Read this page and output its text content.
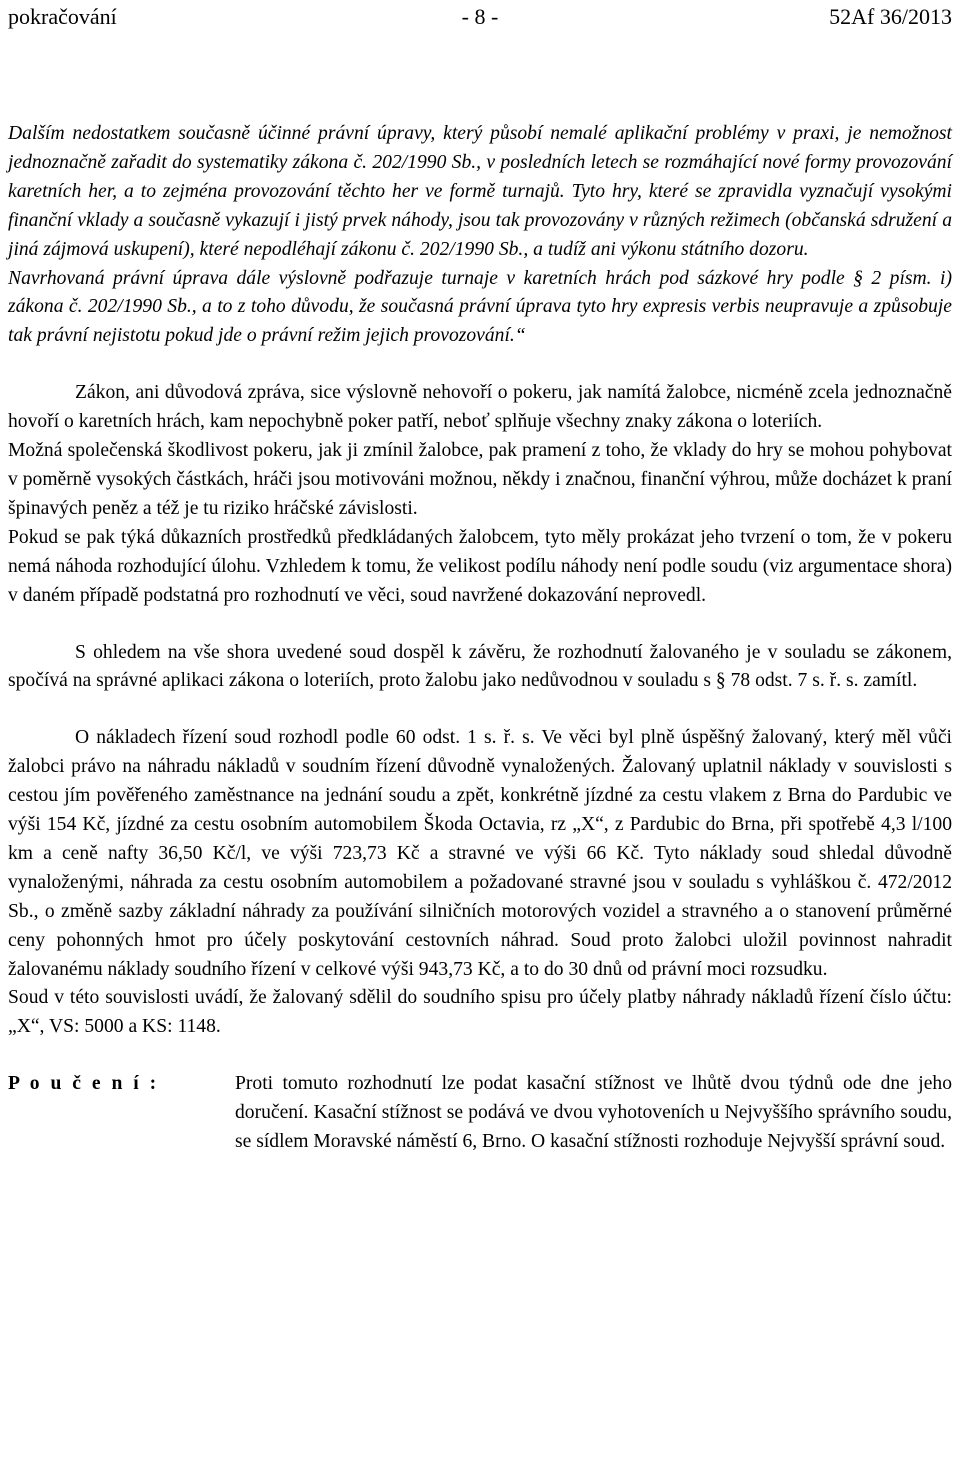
pokračování	- 8 -	52Af 36/2013

Dalším nedostatkem současně účinné právní úpravy, který působí nemalé aplikační problémy v praxi, je nemožnost jednoznačně zařadit do systematiky zákona č. 202/1990 Sb., v posledních letech se rozmáhající nové formy provozování karetních her, a to zejména provozování těchto her ve formě turnajů. Tyto hry, které se zpravidla vyznačují vysokými finanční vklady a současně vykazují i jistý prvek náhody, jsou tak provozovány v různých režimech (občanská sdružení a jiná zájmová uskupení), které nepodléhají zákonu č. 202/1990 Sb., a tudíž ani výkonu státního dozoru.

Navrhovaná právní úprava dále výslovně podřazuje turnaje v karetních hrách pod sázkové hry podle § 2 písm. i) zákona č. 202/1990 Sb., a to z toho důvodu, že současná právní úprava tyto hry expresis verbis neupravuje a způsobuje tak právní nejistotu pokud jde o právní režim jejich provozování.“

Zákon, ani důvodová zpráva, sice výslovně nehovoří o pokeru, jak namítá žalobce, nicméně zcela jednoznačně hovoří o karetních hrách, kam nepochybně poker patří, neboť splňuje všechny znaky zákona o loteriích.

Možná společenská škodlivost pokeru, jak ji zmínil žalobce, pak pramení z toho, že vklady do hry se mohou pohybovat v poměrně vysokých částkách, hráči jsou motivováni možnou, někdy i značnou, finanční výhrou, může docházet k praní špinavých peněz a též je tu riziko hráčské závislosti.

Pokud se pak týká důkazních prostředků předkládaných žalobcem, tyto měly prokázat jeho tvrzení o tom, že v pokeru nemá náhoda rozhodující úlohu. Vzhledem k tomu, že velikost podílu náhody není podle soudu (viz argumentace shora) v daném případě podstatná pro rozhodnutí ve věci, soud navržené dokazování neprovedl.

S ohledem na vše shora uvedené soud dospěl k závěru, že rozhodnutí žalovaného je v souladu se zákonem, spočívá na správné aplikaci zákona o loteriích, proto žalobu jako nedůvodnou v souladu s § 78 odst. 7 s. ř. s. zamítl.

O nákladech řízení soud rozhodl podle 60 odst. 1 s. ř. s. Ve věci byl plně úspěšný žalovaný, který měl vůči žalobci právo na náhradu nákladů v soudním řízení důvodně vynaložených. Žalovaný uplatnil náklady v souvislosti s cestou jím pověřeného zaměstnance na jednání soudu a zpět, konkrétně jízdné za cestu vlakem z Brna do Pardubic ve výši 154 Kč, jízdné za cestu osobním automobilem Škoda Octavia, rz „X“, z Pardubic do Brna, při spotřebě 4,3 l/100 km a ceně nafty 36,50 Kč/l, ve výši 723,73 Kč a stravné ve výši 66 Kč. Tyto náklady soud shledal důvodně vynaloženými, náhrada za cestu osobním automobilem a požadované stravné jsou v souladu s vyhláškou č. 472/2012 Sb., o změně sazby základní náhrady za používání silničních motorových vozidel a stravného a o stanovení průměrné ceny pohonných hmot pro účely poskytování cestovních náhrad. Soud proto žalobci uložil povinnost nahradit žalovanému náklady soudního řízení v celkové výši 943,73 Kč, a to do 30 dnů od právní moci rozsudku.

Soud v této souvislosti uvádí, že žalovaný sdělil do soudního spisu pro účely platby náhrady nákladů řízení číslo účtu: „X“, VS: 5000 a KS: 1148.

P o u č e n í :	Proti tomuto rozhodnutí lze podat kasační stížnost ve lhůtě dvou týdnů ode dne jeho doručení. Kasační stížnost se podává ve dvou vyhotoveních u Nejvyššího správního soudu, se sídlem Moravské náměstí 6, Brno. O kasační stížnosti rozhoduje Nejvyšší správní soud.
